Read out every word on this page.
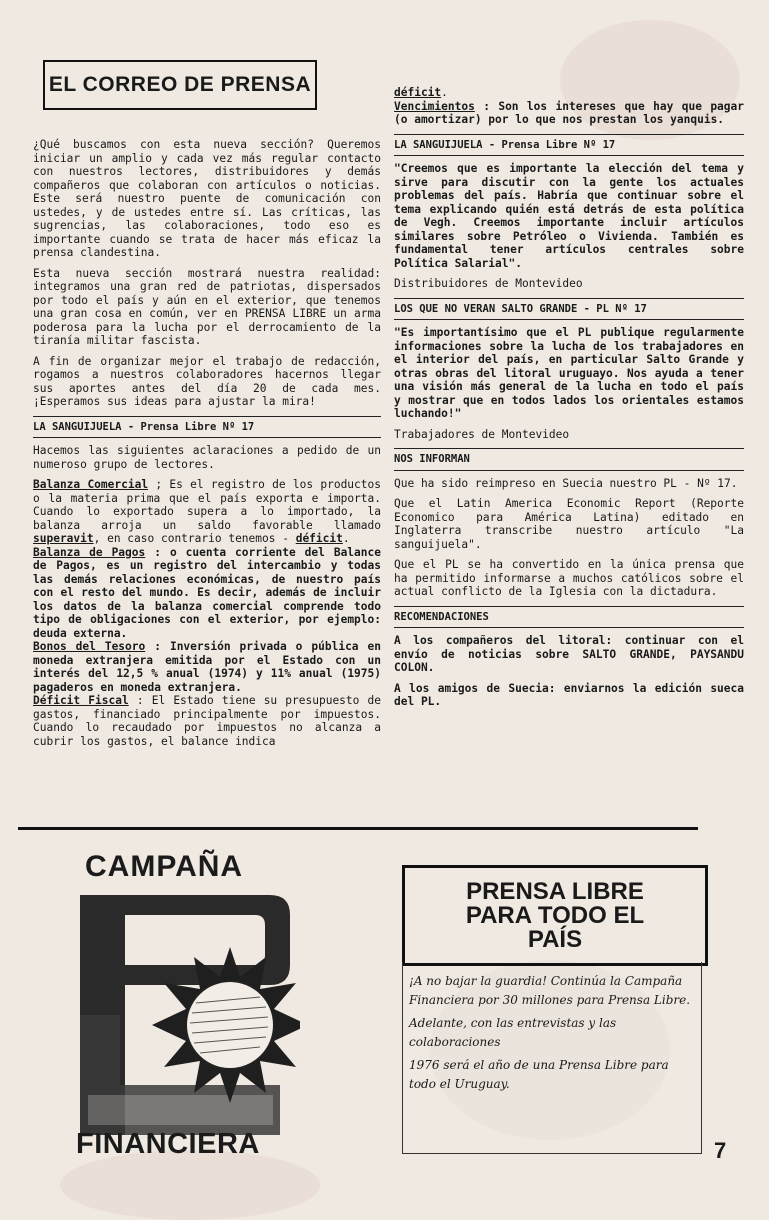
EL CORREO DE PRENSA

¿Qué buscamos con esta nueva sección? Queremos iniciar un amplio y cada vez más regular contacto con nuestros lectores, distribuidores y demás compañeros que colaboran con artículos o noticias. Este será nuestro puente de comunicación con ustedes, y de ustedes entre sí. Las críticas, las sugrencias, las colaboraciones, todo eso es importante cuando se trata de hacer más eficaz la prensa clandestina.

Esta nueva sección mostrará nuestra realidad: integramos una gran red de patriotas, dispersados por todo el país y aún en el exterior, que tenemos una gran cosa en común, ver en PRENSA LIBRE un arma poderosa para la lucha por el derrocamiento de la tiranía militar fascista.

A fin de organizar mejor el trabajo de redacción, rogamos a nuestros colaboradores hacernos llegar sus aportes antes del día 20 de cada mes. ¡Esperamos sus ideas para ajustar la mira!

LA SANGUIJUELA - Prensa Libre Nº 17

Hacemos las siguientes aclaraciones a pedido de un numeroso grupo de lectores.

Balanza Comercial ; Es el registro de los productos o la materia prima que el país exporta e importa. Cuando lo exportado supera a lo importado, la balanza arroja un saldo favorable llamado superavit, en caso contrario tenemos - déficit.

Balanza de Pagos : o cuenta corriente del Balance de Pagos, es un registro del intercambio y todas las demás relaciones económicas, de nuestro país con el resto del mundo. Es decir, además de incluir los datos de la balanza comercial comprende todo tipo de obligaciones con el exterior, por ejemplo: deuda externa.

Bonos del Tesoro : Inversión privada o pública en moneda extranjera emitida por el Estado con un interés del 12,5 % anual (1974) y 11% anual (1975) pagaderos en moneda extranjera.

Déficit Fiscal : El Estado tiene su presupuesto de gastos, financiado principalmente por impuestos. Cuando lo recaudado por impuestos no alcanza a cubrir los gastos, el balance indica

déficit.

Vencimientos : Son los intereses que hay que pagar (o amortizar) por lo que nos prestan los yanquis.

LA SANGUIJUELA - Prensa Libre Nº 17

"Creemos que es importante la elección del tema y sirve para discutir con la gente los actuales problemas del país. Habría que continuar sobre el tema explicando quién está detrás de esta política de Vegh. Creemos importante incluir artículos similares sobre Petróleo o Vivienda. También es fundamental tener artículos centrales sobre Política Salarial".

Distribuidores de Montevideo

LOS QUE NO VERAN SALTO GRANDE - PL Nº 17

"Es importantísimo que el PL publique regularmente informaciones sobre la lucha de los trabajadores en el interior del país, en particular Salto Grande y otras obras del litoral uruguayo. Nos ayuda a tener una visión más general de la lucha en todo el país y mostrar que en todos lados los orientales estamos luchando!"

Trabajadores de Montevideo

NOS INFORMAN

Que ha sido reimpreso en Suecia nuestro PL - Nº 17.

Que el Latin America Economic Report (Reporte Economico para América Latina) editado en Inglaterra transcribe nuestro artículo "La sanguijuela".

Que el PL se ha convertido en la única prensa que ha permitido informarse a muchos católicos sobre el actual conflicto de la Iglesia con la dictadura.

RECOMENDACIONES

A los compañeros del litoral: continuar con el envío de noticias sobre SALTO GRANDE, PAYSANDU COLON.

A los amigos de Suecia: enviarnos la edición sueca del PL.

CAMPAÑA
FINANCIERA
PRENSA LIBRE
PARA TODO EL
PAÍS
¡A no bajar la guardia! Continúa la Campaña Financiera por 30 millones para Prensa Libre.
Adelante, con las entrevistas y las colaboraciones
1976 será el año de una Prensa Libre para todo el Uruguay.
7
